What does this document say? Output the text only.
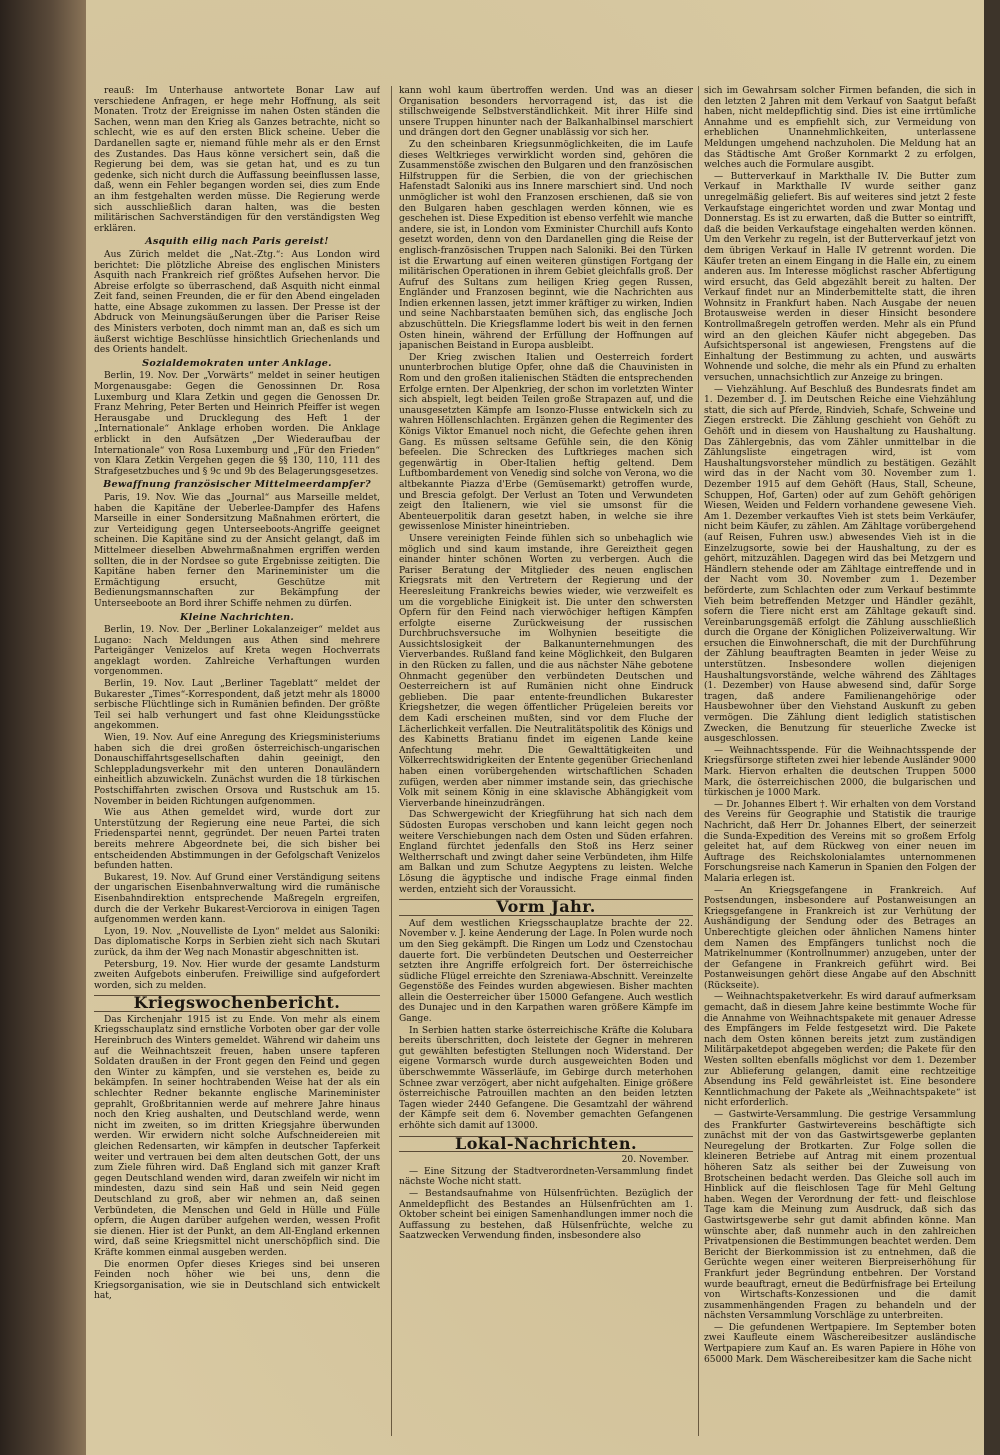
reauß: Im Unterhause antwortete Bonar Law auf verschiedene Anfragen, er hege mehr Hoffnung, als seit Monaten. Trotz der Ereignisse im nahen Osten ständen die Sachen, wenn man den Krieg als Ganzes betrachte, nicht so schlecht, wie es auf den ersten Blick scheine. Ueber die Dardanellen sagte er, niemand fühle mehr als er den Ernst des Zustandes. Das Haus könne versichert sein, daß die Regierung bei dem, was sie getan hat, und es zu tun gedenke, sich nicht durch die Auffassung beeinflussen lasse, daß, wenn ein Fehler begangen worden sei, dies zum Ende an ihm festgehalten werden müsse. Die Regierung werde sich ausschließlich daran halten, was die besten militärischen Sachverständigen für den verständigsten Weg erklären.

Asquith eilig nach Paris gereist!

Aus Zürich meldet die „Nat.-Ztg.“: Aus London wird berichtet: Die plötzliche Abreise des englischen Ministers Asquith nach Frankreich rief größtes Aufsehen hervor. Die Abreise erfolgte so überraschend, daß Asquith nicht einmal Zeit fand, seinen Freunden, die er für den Abend eingeladen hatte, eine Absage zukommen zu lassen. Der Presse ist der Abdruck von Meinungsäußerungen über die Pariser Reise des Ministers verboten, doch nimmt man an, daß es sich um äußerst wichtige Beschlüsse hinsichtlich Griechenlands und des Orients handelt.

Sozialdemokraten unter Anklage.

Berlin, 19. Nov. Der „Vorwärts“ meldet in seiner heutigen Morgenausgabe: Gegen die Genossinnen Dr. Rosa Luxemburg und Klara Zetkin und gegen die Genossen Dr. Franz Mehring, Peter Berten und Heinrich Pfeiffer ist wegen Herausgabe und Drucklegung des Heft 1 der „Internationale“ Anklage erhoben worden. Die Anklage erblickt in den Aufsätzen „Der Wiederaufbau der Internationale“ von Rosa Luxemburg und „Für den Frieden“ von Klara Zetkin Vergehen gegen die §§ 130, 110, 111 des Strafgesetzbuches und § 9c und 9b des Belagerungsgesetzes.

Bewaffnung französischer Mittelmeerdampfer?

Paris, 19. Nov. Wie das „Journal“ aus Marseille meldet, haben die Kapitäne der Ueberlee-Dampfer des Hafens Marseille in einer Sondersitzung Maßnahmen erörtert, die zur Verteidigung gegen Unterseeboots-Angriffe geeignet scheinen. Die Kapitäne sind zu der Ansicht gelangt, daß im Mittelmeer dieselben Abwehrmaßnahmen ergriffen werden sollten, die in der Nordsee so gute Ergebnisse zeitigten. Die Kapitäne haben ferner den Marineminister um die Ermächtigung ersucht, Geschütze mit Bedienungsmannschaften zur Bekämpfung der Unterseeboote an Bord ihrer Schiffe nehmen zu dürfen.

Kleine Nachrichten.

Berlin, 19. Nov. Der „Berliner Lokalanzeiger“ meldet aus Lugano: Nach Meldungen aus Athen sind mehrere Parteigänger Venizelos auf Kreta wegen Hochverrats angeklagt worden. Zahlreiche Verhaftungen wurden vorgenommen.

Berlin, 19. Nov. Laut „Berliner Tageblatt“ meldet der Bukarester „Times“-Korrespondent, daß jetzt mehr als 18000 serbische Flüchtlinge sich in Rumänien befinden. Der größte Teil sei halb verhungert und fast ohne Kleidungsstücke angekommen.

Wien, 19. Nov. Auf eine Anregung des Kriegsministeriums haben sich die drei großen österreichisch-ungarischen Donauschiffahrtsgesellschaften dahin geeinigt, den Schleppladungsverkehr mit den unteren Donauländern einheitlich abzuwickeln. Zunächst wurden die 18 türkischen Postschiffahrten zwischen Orsova und Rustschuk am 15. November in beiden Richtungen aufgenommen.

Wie aus Athen gemeldet wird, wurde dort zur Unterstützung der Regierung eine neue Partei, die sich Friedenspartei nennt, gegründet. Der neuen Partei traten bereits mehrere Abgeordnete bei, die sich bisher bei entscheidenden Abstimmungen in der Gefolgschaft Venizelos befunden hatten.

Bukarest, 19. Nov. Auf Grund einer Verständigung seitens der ungarischen Eisenbahnverwaltung wird die rumänische Eisenbahndirektion entsprechende Maßregeln ergreifen, durch die der Verkehr Bukarest-Verciorova in einigen Tagen aufgenommen werden kann.

Lyon, 19. Nov. „Nouvelliste de Lyon“ meldet aus Saloniki: Das diplomatische Korps in Serbien zieht sich nach Skutari zurück, da ihm der Weg nach Monastir abgeschnitten ist.

Petersburg, 19. Nov. Hier wurde der gesamte Landsturm zweiten Aufgebots einberufen. Freiwillige sind aufgefordert worden, sich zu melden.

Kriegswochenbericht.

Das Kirchenjahr 1915 ist zu Ende. Von mehr als einem Kriegsschauplatz sind ernstliche Vorboten ober gar der volle Hereinbruch des Winters gemeldet. Während wir daheim uns auf die Weihnachtszeit freuen, haben unsere tapferen Soldaten draußen in der Front gegen den Feind und gegen den Winter zu kämpfen, und sie verstehen es, beide zu bekämpfen. In seiner hochtrabenden Weise hat der als ein schlechter Redner bekannte englische Marineminister geprahlt, Großbritannien werde auf mehrere Jahre hinaus noch den Krieg aushalten, und Deutschland werde, wenn nicht im zweiten, so im dritten Kriegsjahre überwunden werden. Wir erwidern nicht solche Aufschneidereien mit gleichen Redensarten, wir kämpfen in deutscher Tapferkeit weiter und vertrauen bei dem alten deutschen Gott, der uns zum Ziele führen wird. Daß England sich mit ganzer Kraft gegen Deutschland wenden wird, daran zweifeln wir nicht im mindesten, dazu sind sein Haß und sein Neid gegen Deutschland zu groß, aber wir nehmen an, daß seinen Verbündeten, die Menschen und Geld in Hülle und Fülle opfern, die Augen darüber aufgehen werden, wessen Profit sie dienen. Hier ist der Punkt, an dem All-England erkennen wird, daß seine Kriegsmittel nicht unerschöpflich sind. Die Kräfte kommen einmal ausgeben werden.

Die enormen Opfer dieses Krieges sind bei unseren Feinden noch höher wie bei uns, denn die Kriegsorganisation, wie sie in Deutschland sich entwickelt hat,

kann wohl kaum übertroffen werden. Und was an dieser Organisation besonders hervorragend ist, das ist die stillschweigende Selbstverständlichkeit. Mit ihrer Hilfe sind unsere Truppen hinunter nach der Balkanhalbinsel marschiert und drängen dort den Gegner unablässig vor sich her.

Zu den scheinbaren Kriegsunmöglichkeiten, die im Laufe dieses Weltkrieges verwirklicht worden sind, gehören die Zusammenstöße zwischen den Bulgaren und den französischen Hilfstruppen für die Serbien, die von der griechischen Hafenstadt Saloniki aus ins Innere marschiert sind. Und noch unmöglicher ist wohl den Franzosen erschienen, daß sie von den Bulgaren haben geschlagen werden können, wie es geschehen ist. Diese Expedition ist ebenso verfehlt wie manche andere, sie ist, in London vom Exminister Churchill aufs Konto gesetzt worden, denn von den Dardanellen ging die Reise der englisch-französischen Truppen nach Saloniki. Bei den Türken ist die Erwartung auf einen weiteren günstigen Fortgang der militärischen Operationen in ihrem Gebiet gleichfalls groß. Der Aufruf des Sultans zum heiligen Krieg gegen Russen, Engländer und Franzosen beginnt, wie die Nachrichten aus Indien erkennen lassen, jetzt immer kräftiger zu wirken, Indien und seine Nachbarstaaten bemühen sich, das englische Joch abzuschütteln. Die Kriegsflamme lodert bis weit in den fernen Osten hinein, während der Erfüllung der Hoffnungen auf japanischen Beistand in Europa ausbleibt.

Der Krieg zwischen Italien und Oesterreich fordert ununterbrochen blutige Opfer, ohne daß die Chauvinisten in Rom und den großen italienischen Städten die entsprechenden Erfolge ernten. Der Alpenkrieg, der schon im vorletzten Winter sich abspielt, legt beiden Teilen große Strapazen auf, und die unausgesetzten Kämpfe am Isonzo-Flusse entwickeln sich zu wahren Höllenschlachten. Ergänzen gehen die Regimenter des Königs Viktor Emanuel noch nicht, die Gefechte gehen ihren Gang. Es müssen seltsame Gefühle sein, die den König befeelen. Die Schrecken des Luftkrieges machen sich gegenwärtig in Ober-Italien heftig geltend. Dem Luftbombardement von Venedig sind solche von Verona, wo die altbekannte Piazza d'Erbe (Gemüsemarkt) getroffen wurde, und Brescia gefolgt. Der Verlust an Toten und Verwundeten zeigt den Italienern, wie viel sie umsonst für die Abenteuerpolitik daran gesetzt haben, in welche sie ihre gewissenlose Minister hineintrieben.

Unsere vereinigten Feinde fühlen sich so unbehaglich wie möglich und sind kaum imstande, ihre Gereiztheit gegen einander hinter schönen Worten zu verbergen. Auch die Pariser Beratung der Mitglieder des neuen englischen Kriegsrats mit den Vertretern der Regierung und der Heeresleitung Frankreichs bewies wieder, wie verzweifelt es um die vorgebliche Einigkeit ist. Die unter den schwersten Opfern für den Feind nach vierwöchiger heftigen Kämpfen erfolgte eiserne Zurückweisung der russischen Durchbruchsversuche im Wolhynien beseitigte die Aussichtslosigkeit der Balkanunternehmungen des Vierverbandes. Rußland fand keine Möglichkeit, den Bulgaren in den Rücken zu fallen, und die aus nächster Nähe gebotene Ohnmacht gegenüber den verbündeten Deutschen und Oesterreichern ist auf Rumänien nicht ohne Eindruck geblieben. Die paar entente-freundlichen Bukarester Kriegshetzer, die wegen öffentlicher Prügeleien bereits vor dem Kadi erscheinen mußten, sind vor dem Fluche der Lächerlichkeit verfallen. Die Neutralitätspolitik des Königs und des Kabinetts Bratianu findet im eigenen Lande keine Anfechtung mehr. Die Gewalttätigkeiten und Völkerrechtswidrigkeiten der Entente gegenüber Griechenland haben einen vorübergehenden wirtschaftlichen Schaden zufügen, werden aber nimmer imstande sein, das griechische Volk mit seinem König in eine sklavische Abhängigkeit vom Vierverbande hineinzudrängen.

Das Schwergewicht der Kriegführung hat sich nach dem Südosten Europas verschoben und kann leicht gegen noch weitere Verschiebungen nach dem Osten und Süden erfahren. England fürchtet jedenfalls den Stoß ins Herz seiner Weltherrschaft und zwingt daher seine Verbündeten, ihm Hilfe am Balkan und zum Schutze Aegyptens zu leisten. Welche Lösung die ägyptische und indische Frage einmal finden werden, entzieht sich der Voraussicht.

Vorm Jahr.

Auf dem westlichen Kriegsschauplatze brachte der 22. November v. J. keine Aenderung der Lage. In Polen wurde noch um den Sieg gekämpft. Die Ringen um Lodz und Czenstochau dauerte fort. Die verbündeten Deutschen und Oesterreicher setzten ihre Angriffe erfolgreich fort. Der österreichische südliche Flügel erreichte den Szreniawa-Abschnitt. Vereinzelte Gegenstöße des Feindes wurden abgewiesen. Bisher machten allein die Oesterreicher über 15000 Gefangene. Auch westlich des Dunajec und in den Karpathen waren größere Kämpfe im Gange.

In Serbien hatten starke österreichische Kräfte die Kolubara bereits überschritten, doch leistete der Gegner in mehreren gut gewählten befestigten Stellungen noch Widerstand. Der eigene Vormarsch wurde durch ausgeweichten Boden und überschwemmte Wässerläufe, im Gebirge durch meterhohen Schnee zwar verzögert, aber nicht aufgehalten. Einige größere österreichische Patrouillen machten an den beiden letzten Tagen wieder 2440 Gefangene. Die Gesamtzahl der während der Kämpfe seit dem 6. November gemachten Gefangenen erhöhte sich damit auf 13000.

Lokal-Nachrichten.
20. November.

— Eine Sitzung der Stadtverordneten-Versammlung findet nächste Woche nicht statt.

— Bestandsaufnahme von Hülsenfrüchten. Bezüglich der Anmeldepflicht des Bestandes an Hülsenfrüchten am 1. Oktober scheint bei einigen Samenhandlungen immer noch die Auffassung zu bestehen, daß Hülsenfrüchte, welche zu Saatzwecken Verwendung finden, insbesondere also

sich im Gewahrsam solcher Firmen befanden, die sich in den letzten 2 Jahren mit dem Verkauf von Saatgut befaßt haben, nicht meldepflichtig sind. Dies ist eine irrtümliche Annahme und es empfiehlt sich, zur Vermeidung von erheblichen Unannehmlichkeiten, unterlassene Meldungen umgehend nachzuholen. Die Meldung hat an das Städtische Amt Großer Kornmarkt 2 zu erfolgen, welches auch die Formulare ausgibt.

— Butterverkauf in Markthalle IV. Die Butter zum Verkauf in Markthalle IV wurde seither ganz unregelmäßig geliefert. Bis auf weiteres sind jetzt 2 feste Verkaufstage eingerichtet worden und zwar Montag und Donnerstag. Es ist zu erwarten, daß die Butter so eintrifft, daß die beiden Verkaufstage eingehalten werden können. Um den Verkehr zu regeln, ist der Butterverkauf jetzt von dem übrigen Verkauf in Halle IV getrennt worden. Die Käufer treten an einem Eingang in die Halle ein, zu einem anderen aus. Im Interesse möglichst rascher Abfertigung wird ersucht, das Geld abgezählt bereit zu halten. Der Verkauf findet nur an Minderbemittelte statt, die ihren Wohnsitz in Frankfurt haben. Nach Ausgabe der neuen Brotausweise werden in dieser Hinsicht besondere Kontrollmaßregeln getroffen werden. Mehr als ein Pfund wird an den gleichen Käufer nicht abgegeben. Das Aufsichtspersonal ist angewiesen, Frengstens auf die Einhaltung der Bestimmung zu achten, und auswärts Wohnende und solche, die mehr als ein Pfund zu erhalten versuchen, unnachsichtlich zur Anzeige zu bringen.

— Viehzählung. Auf Beschluß des Bundesrats findet am 1. Dezember d. J. im Deutschen Reiche eine Viehzählung statt, die sich auf Pferde, Rindvieh, Schafe, Schweine und Ziegen erstreckt. Die Zählung geschieht von Gehöft zu Gehöft und in diesem von Haushaltung zu Haushaltung. Das Zählergebnis, das vom Zähler unmittelbar in die Zählungsliste eingetragen wird, ist vom Haushaltungsvorsteher mündlich zu bestätigen. Gezählt wird das in der Nacht vom 30. November zum 1. Dezember 1915 auf dem Gehöft (Haus, Stall, Scheune, Schuppen, Hof, Garten) oder auf zum Gehöft gehörigen Wiesen, Weiden und Feldern vorhandene gewesene Vieh. Am 1. Dezember verkauftes Vieh ist stets beim Verkäufer, nicht beim Käufer, zu zählen. Am Zähltage vorübergehend (auf Reisen, Fuhren usw.) abwesendes Vieh ist in die Einzelzugsorte, sowie bei der Haushaltung, zu der es gehört, mitzuzählen. Dagegen wird das bei Metzgern und Händlern stehende oder am Zähltage eintreffende und in der Nacht vom 30. November zum 1. Dezember beförderte, zum Schlachten oder zum Verkauf bestimmte Vieh beim betreffenden Metzger und Händler gezählt, sofern die Tiere nicht erst am Zähltage gekauft sind. Vereinbarungsgemäß erfolgt die Zählung ausschließlich durch die Organe der Königlichen Polizeiverwaltung. Wir ersuchen die Einwohnerschaft, die mit der Durchführung der Zählung beauftragten Beamten in jeder Weise zu unterstützen. Insbesondere wollen diejenigen Haushaltungsvorstände, welche während des Zähltages (1. Dezember) von Hause abwesend sind, dafür Sorge tragen, daß andere Familienangehörige oder Hausbewohner über den Viehstand Auskunft zu geben vermögen. Die Zählung dient lediglich statistischen Zwecken, die Benutzung für steuerliche Zwecke ist ausgeschlossen.

— Weihnachtsspende. Für die Weihnachtsspende der Kriegsfürsorge stifteten zwei hier lebende Ausländer 9000 Mark. Hiervon erhalten die deutschen Truppen 5000 Mark, die österreichischen 2000, die bulgarischen und türkischen je 1000 Mark.

— Dr. Johannes Elbert †. Wir erhalten von dem Vorstand des Vereins für Geographie und Statistik die traurige Nachricht, daß Herr Dr. Johannes Elbert, der seinerzeit die Sunda-Expedition des Vereins mit so großem Erfolg geleitet hat, auf dem Rückweg von einer neuen im Auftrage des Reichskolonialamtes unternommenen Forschungsreise nach Kamerun in Spanien den Folgen der Malaria erlegen ist.

— An Kriegsgefangene in Frankreich. Auf Postsendungen, insbesondere auf Postanweisungen an Kriegsgefangene in Frankreich ist zur Verhütung der Aushändigung der Sendung oder des Betrages an Unberechtigte gleichen oder ähnlichen Namens hinter dem Namen des Empfängers tunlichst noch die Matrikelnummer (Kontrollnummer) anzugeben, unter der der Gefangene in Frankreich geführt wird. Bei Postanweisungen gehört diese Angabe auf den Abschnitt (Rückseite).

— Weihnachtspaketverkehr. Es wird darauf aufmerksam gemacht, daß in diesem Jahre keine bestimmte Woche für die Annahme von Weihnachtspakete mit genauer Adresse des Empfängers im Felde festgesetzt wird. Die Pakete nach dem Osten können bereits jetzt zum zuständigen Militärpaketdepot abgegeben werden; die Pakete für den Westen sollten ebenfalls möglichst vor dem 1. Dezember zur Ablieferung gelangen, damit eine rechtzeitige Absendung ins Feld gewährleistet ist. Eine besondere Kenntlichmachung der Pakete als „Weihnachtspakete“ ist nicht erforderlich.

— Gastwirte-Versammlung. Die gestrige Versammlung des Frankfurter Gastwirtevereins beschäftigte sich zunächst mit der von das Gastwirtsgewerbe geplanten Neuregelung der Brotkarten. Zur Folge sollen die kleineren Betriebe auf Antrag mit einem prozentual höheren Satz als seither bei der Zuweisung von Brotscheinen bedacht werden. Das Gleiche soll auch im Hinblick auf die fleischlosen Tage für Mehl Geltung haben. Wegen der Verordnung der fett- und fleischlose Tage kam die Meinung zum Ausdruck, daß sich das Gastwirtsgewerbe sehr gut damit abfinden könne. Man wünschte aber, daß nunmehr auch in den zahlreichen Privatpensionen die Bestimmungen beachtet werden. Dem Bericht der Bierkommission ist zu entnehmen, daß die Gerüchte wegen einer weiteren Bierpreiserhöhung für Frankfurt jeder Begründung entbehren. Der Vorstand wurde beauftragt, erneut die Bedürfnisfrage bei Erteilung von Wirtschafts-Konzessionen und die damit zusammenhängenden Fragen zu behandeln und der nächsten Versammlung Vorschläge zu unterbreiten.

— Die gefundenen Wertpapiere. Im September boten zwei Kaufleute einem Wäschereibesitzer ausländische Wertpapiere zum Kauf an. Es waren Papiere in Höhe von 65000 Mark. Dem Wäschereibesitzer kam die Sache nicht
